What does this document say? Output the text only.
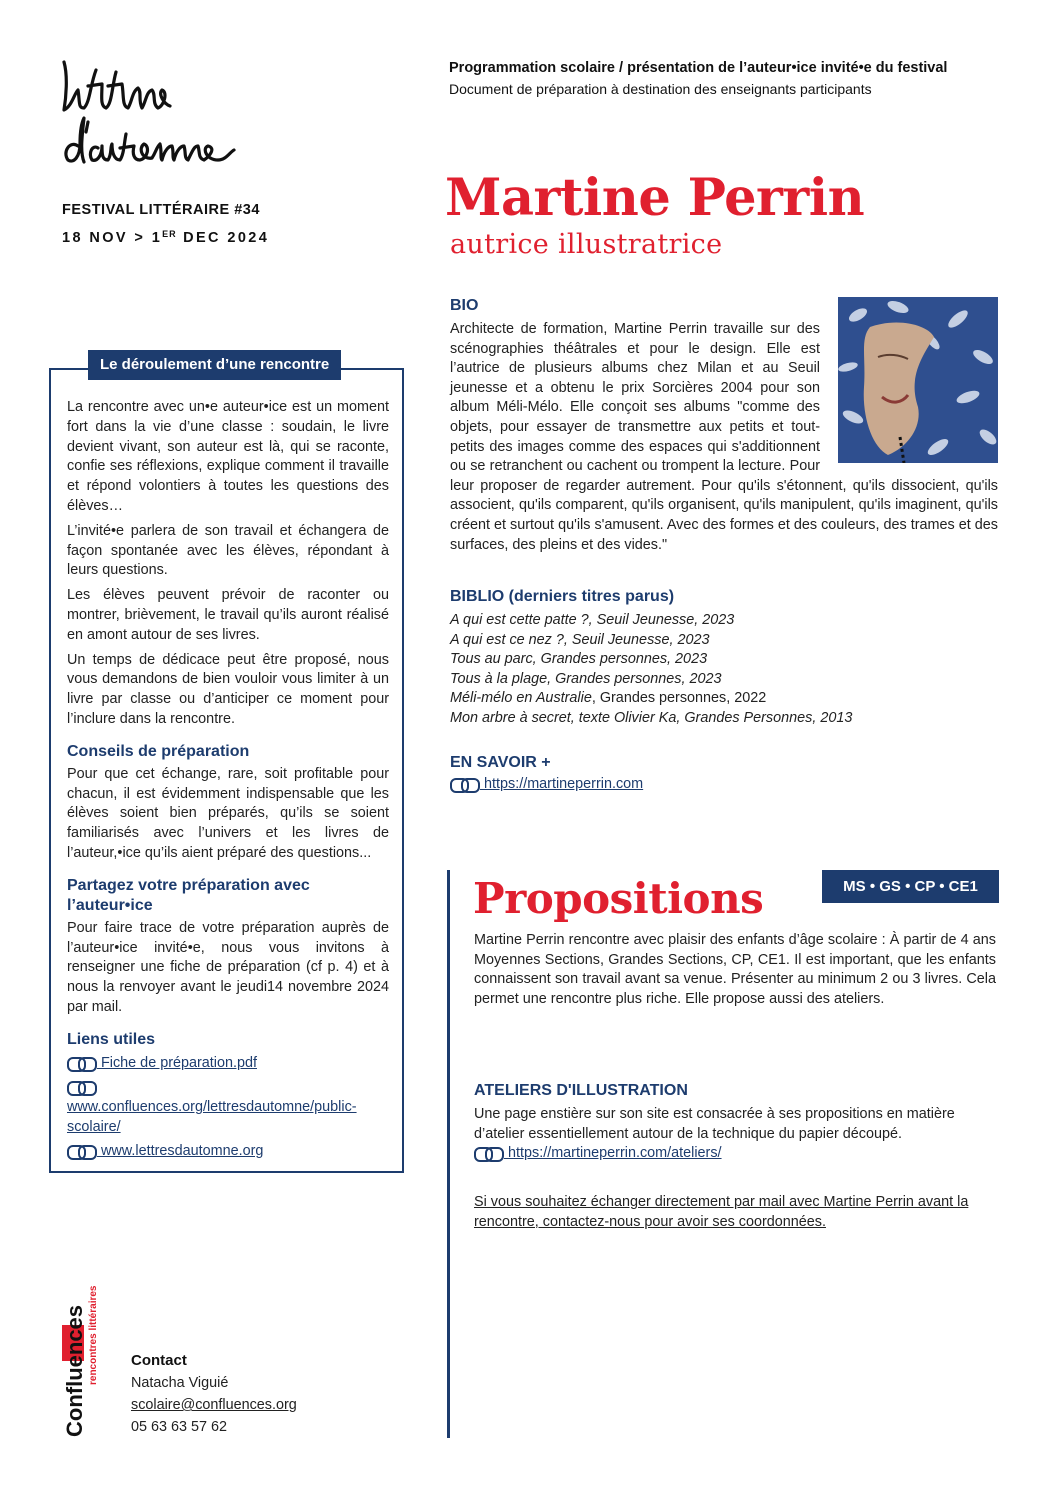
FESTIVAL LITTÉRAIRE #34
18 NOV > 1ER DEC 2024
Programmation scolaire / présentation de l’auteur•ice invité•e du festival
Document de préparation à destination des enseignants participants
Martine Perrin
autrice illustratrice
Le déroulement d’une rencontre

La rencontre avec un•e auteur•ice est un moment fort dans la vie d’une classe : soudain, le livre devient vivant, son auteur est là, qui se raconte, confie ses réflexions, explique comment il travaille et répond volontiers à toutes les questions des élèves…

L’invité•e parlera de son travail et échangera de façon spontanée avec les élèves, répondant à leurs questions.

Les élèves peuvent prévoir de raconter ou montrer, brièvement, le travail qu’ils auront réalisé en amont autour de ses livres.

Un temps de dédicace peut être proposé, nous vous demandons de bien vouloir vous limiter à un livre par classe ou d’anticiper ce moment pour l’inclure dans la rencontre.

Conseils de préparation

Pour que cet échange, rare, soit profitable pour chacun, il est évidemment indispensable que les élèves soient bien préparés, qu’ils se soient familiarisés avec l’univers et les livres de l’auteur,•ice qu’ils aient préparé des questions...

Partagez votre préparation avec l’auteur•ice

Pour faire trace de votre préparation auprès de l’auteur•ice invité•e, nous vous invitons à renseigner une fiche de préparation (cf p. 4) et à nous la renvoyer avant le jeudi14 novembre 2024 par mail.

Liens utiles
Fiche de préparation.pdf
www.confluences.org/lettresdautomne/public-scolaire/
www.lettresdautomne.org
BIO
Architecte de formation, Martine Perrin travaille sur des scénographies théâtrales et pour le design. Elle est l’autrice de plusieurs albums chez Milan et au Seuil jeunesse et a obtenu le prix Sorcières 2004 pour son album Méli-Mélo. Elle conçoit ses albums "comme des objets, pour essayer de transmettre aux petits et tout-petits des images comme des espaces qui s'additionnent ou se retranchent ou cachent ou trompent la lecture. Pour leur proposer de regarder autrement. Pour qu'ils s'étonnent, qu'ils dissocient, qu'ils associent, qu'ils comparent, qu'ils organisent, qu'ils manipulent, qu'ils imaginent, qu'ils créent et surtout qu'ils s'amusent. Avec des formes et des couleurs, des trames et des surfaces, des pleins et des vides."
BIBLIO (derniers titres parus)
A qui est cette patte ?, Seuil Jeunesse, 2023
A qui est ce nez ?, Seuil Jeunesse, 2023
Tous au parc, Grandes personnes, 2023
Tous à la plage, Grandes personnes, 2023
Méli-mélo en Australie, Grandes personnes, 2022
Mon arbre à secret, texte Olivier Ka, Grandes Personnes, 2013
EN SAVOIR +
https://martineperrin.com
Propositions	MS • GS • CP • CE1
Martine Perrin rencontre avec plaisir des enfants d’âge scolaire : À partir de 4 ans Moyennes Sections, Grandes Sections, CP, CE1. Il est important, que les enfants connaissent son travail avant sa venue. Présenter au minimum 2 ou 3 livres. Cela permet une rencontre plus riche. Elle propose aussi des ateliers.
ATELIERS D'ILLUSTRATION
Une page enstière sur son site est consacrée à ses propositions en matière d’atelier essentiellement autour de la technique du papier découpé.
https://martineperrin.com/ateliers/
Si vous souhaitez échanger directement par mail avec Martine Perrin avant la rencontre, contactez-nous pour avoir ses coordonnées.
Confluences rencontres littéraires Contact
Natacha Viguié
scolaire@confluences.org
05 63 63 57 62
